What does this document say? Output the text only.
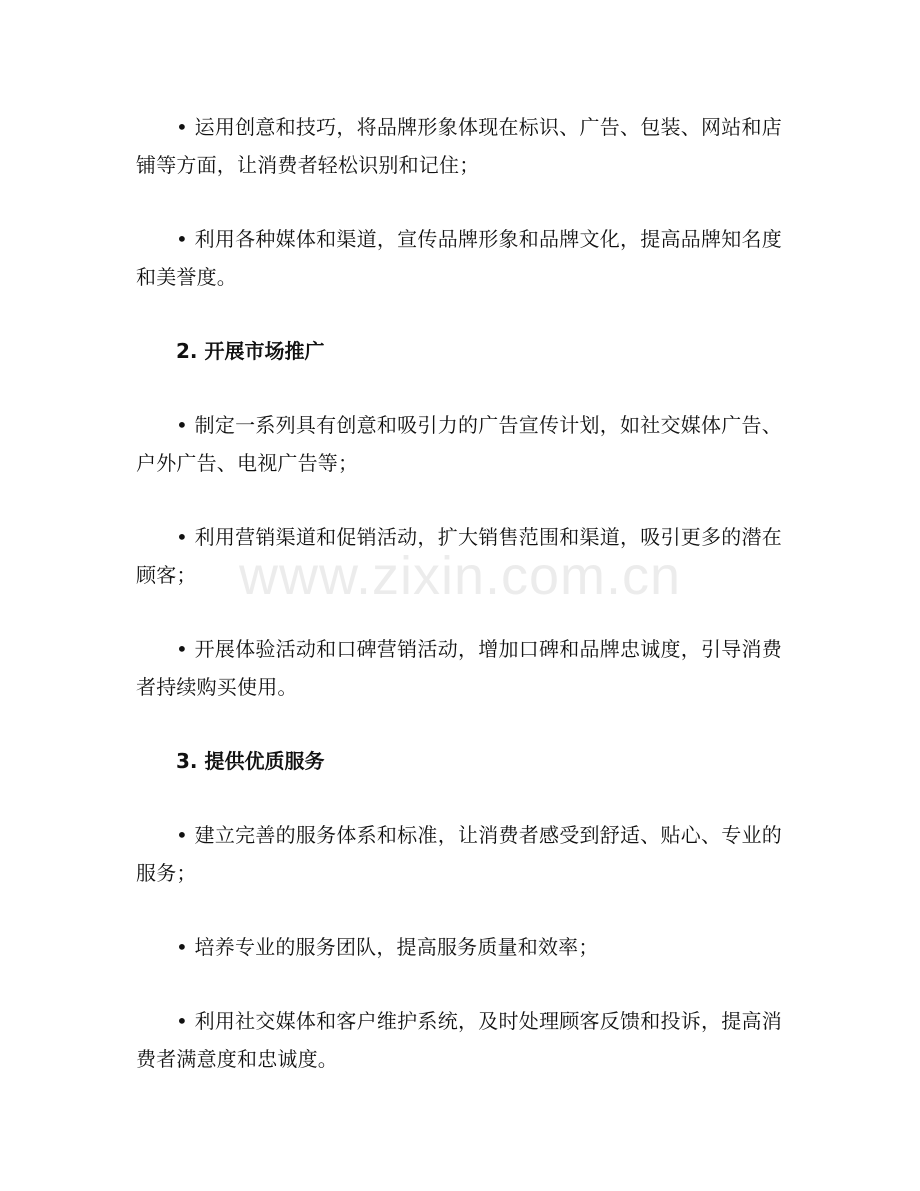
• 运用创意和技巧，将品牌形象体现在标识、广告、包装、网站和店铺等方面，让消费者轻松识别和记住；

• 利用各种媒体和渠道，宣传品牌形象和品牌文化，提高品牌知名度和美誉度。

2. 开展市场推广

• 制定一系列具有创意和吸引力的广告宣传计划，如社交媒体广告、户外广告、电视广告等；

• 利用营销渠道和促销活动，扩大销售范围和渠道，吸引更多的潜在顾客；

• 开展体验活动和口碑营销活动，增加口碑和品牌忠诚度，引导消费者持续购买使用。

3. 提供优质服务

• 建立完善的服务体系和标准，让消费者感受到舒适、贴心、专业的服务；

• 培养专业的服务团队，提高服务质量和效率；

• 利用社交媒体和客户维护系统，及时处理顾客反馈和投诉，提高消费者满意度和忠诚度。

www.zixin.com.cn
